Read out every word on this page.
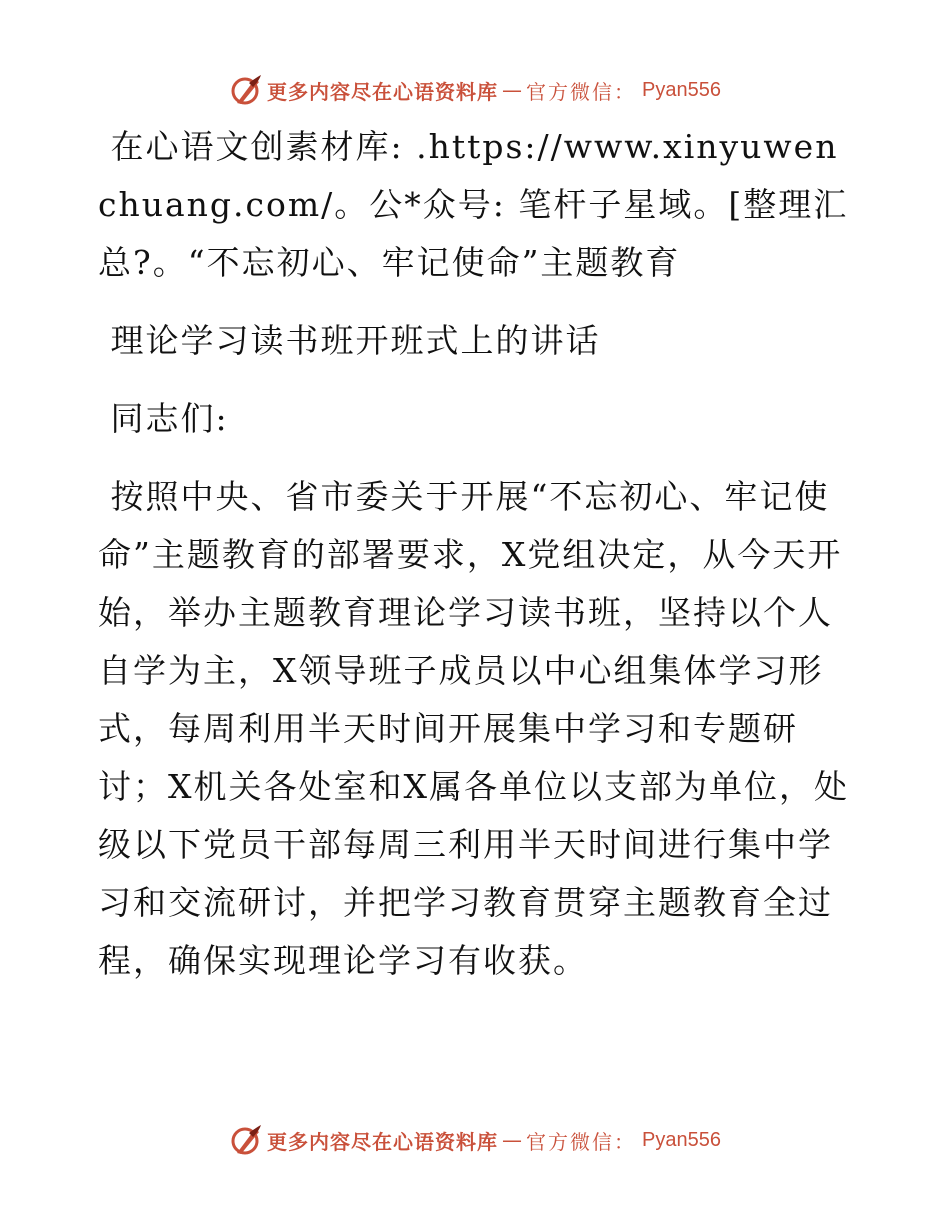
更多内容尽在心语资料库 — 官方微信： Pyan556

在心语文创素材库: .https://www.xinyuwenchuang.com/。公*众号: 笔杆子星域。[整理汇总?。“不忘初心、牢记使命”主题教育

理论学习读书班开班式上的讲话

同志们:

按照中央、省市委关于开展“不忘初心、牢记使命”主题教育的部署要求，X党组决定，从今天开始，举办主题教育理论学习读书班，坚持以个人自学为主，X领导班子成员以中心组集体学习形式，每周利用半天时间开展集中学习和专题研讨；X机关各处室和X属各单位以支部为单位，处级以下党员干部每周三利用半天时间进行集中学习和交流研讨，并把学习教育贯穿主题教育全过程，确保实现理论学习有收获。

更多内容尽在心语资料库 — 官方微信： Pyan556
